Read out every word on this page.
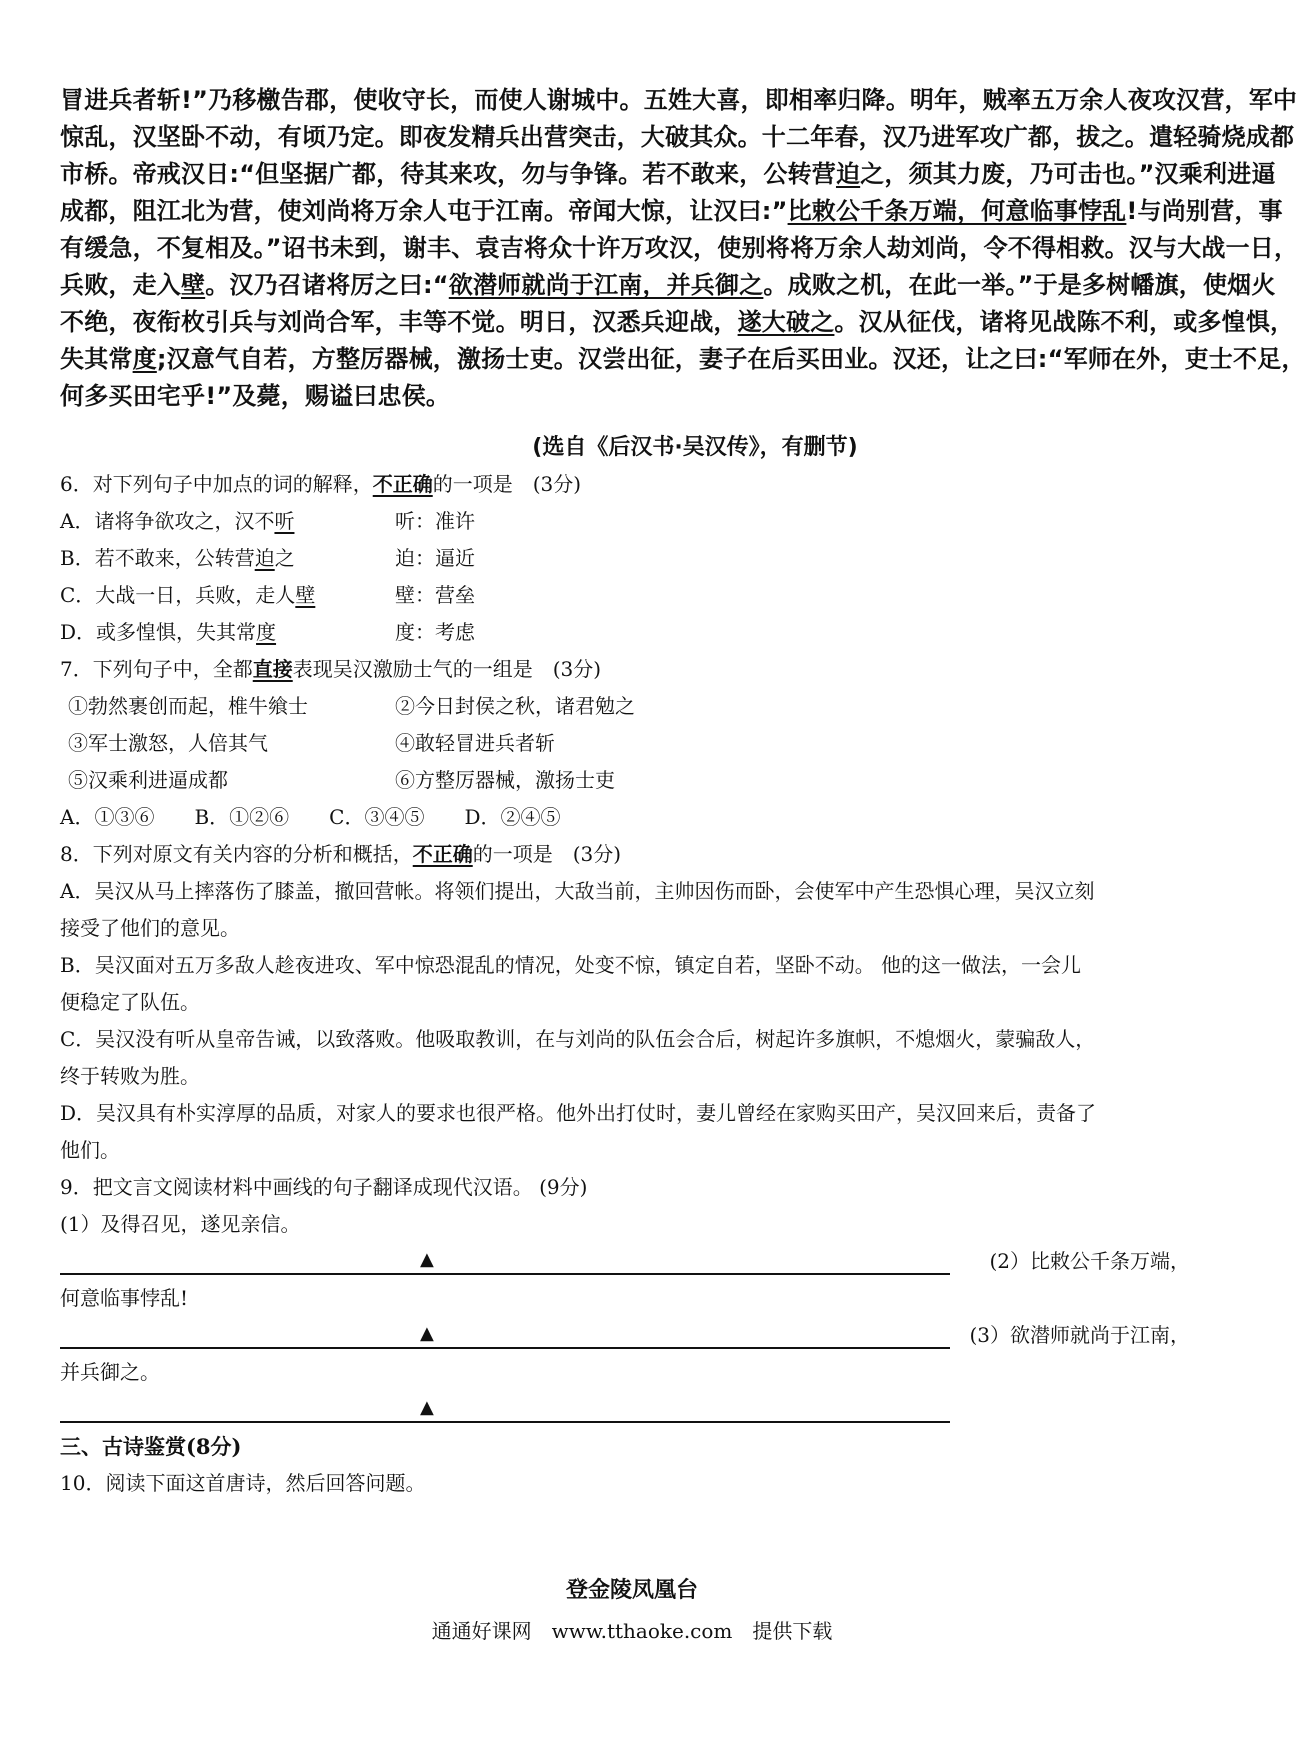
冒进兵者斩!”乃移檄告郡，使收守长，而使人谢城中。五姓大喜，即相率归降。明年，贼率五万余人夜攻汉营，军中

惊乱，汉坚卧不动，有顷乃定。即夜发精兵出营突击，大破其众。十二年春，汉乃进军攻广都，拔之。遣轻骑烧成都

市桥。帝戒汉日:“但坚据广都，待其来攻，勿与争锋。若不敢来，公转营迫之，须其力废，乃可击也。”汉乘利进逼

成都，阻江北为营，使刘尚将万余人屯于江南。帝闻大惊，让汉曰:”比敕公千条万端，何意临事悖乱!与尚别营，事

有缓急，不复相及。”诏书未到，谢丰、袁吉将众十许万攻汉，使别将将万余人劫刘尚，令不得相救。汉与大战一日，

兵败，走入壁。汉乃召诸将厉之曰:“欲潜师就尚于江南，并兵御之。成败之机，在此一举。”于是多树幡旗，使烟火

不绝，夜衔枚引兵与刘尚合军，丰等不觉。明日，汉悉兵迎战，遂大破之。汉从征伐，诸将见战陈不利，或多惶惧，

失其常度;汉意气自若，方整厉器械，激扬士吏。汉尝出征，妻子在后买田业。汉还，让之曰:“军师在外，吏士不足，

何多买田宅乎!”及薨，赐谥曰忠侯。

(选自《后汉书·吴汉传》，有删节)

6．对下列句子中加点的词的解释，不正确的一项是　(3分)

A．诸将争欲攻之，汉不听	听：准许
B．若不敢来，公转营迫之	迫：逼近
C．大战一日，兵败，走人壁	壁：营垒
D．或多惶惧，失其常度	度：考虑

7．下列句子中，全都直接表现吴汉激励士气的一组是　(3分)

①勃然裹创而起，椎牛飨士	②今日封侯之秋，诸君勉之
③军士激怒，人倍其气	④敢轻冒进兵者斩
⑤汉乘利进逼成都	⑥方整厉器械，激扬士吏
A．①③⑥ B．①②⑥ C．③④⑤ D．②④⑤

8．下列对原文有关内容的分析和概括，不正确的一项是　(3分)

A．吴汉从马上摔落伤了膝盖，撤回营帐。将领们提出，大敌当前，主帅因伤而卧，会使军中产生恐惧心理，吴汉立刻
接受了他们的意见。

B．吴汉面对五万多敌人趁夜进攻、军中惊恐混乱的情况，处变不惊，镇定自若，坚卧不动。 他的这一做法，一会儿
便稳定了队伍。

C．吴汉没有听从皇帝告诫，以致落败。他吸取教训，在与刘尚的队伍会合后，树起许多旗帜，不熄烟火，蒙骗敌人，
终于转败为胜。

D．吴汉具有朴实淳厚的品质，对家人的要求也很严格。他外出打仗时，妻儿曾经在家购买田产，吴汉回来后，责备了
他们。

9．把文言文阅读材料中画线的句子翻译成现代汉语。 (9分)

(1）及得召见，遂见亲信。

▲	(2）比敕公千条万端，

何意临事悖乱!

▲	(3）欲潜师就尚于江南，

并兵御之。

▲

三、古诗鉴赏(8分)

10．阅读下面这首唐诗，然后回答问题。

登金陵凤凰台
通通好课网　www.tthaoke.com　提供下载
